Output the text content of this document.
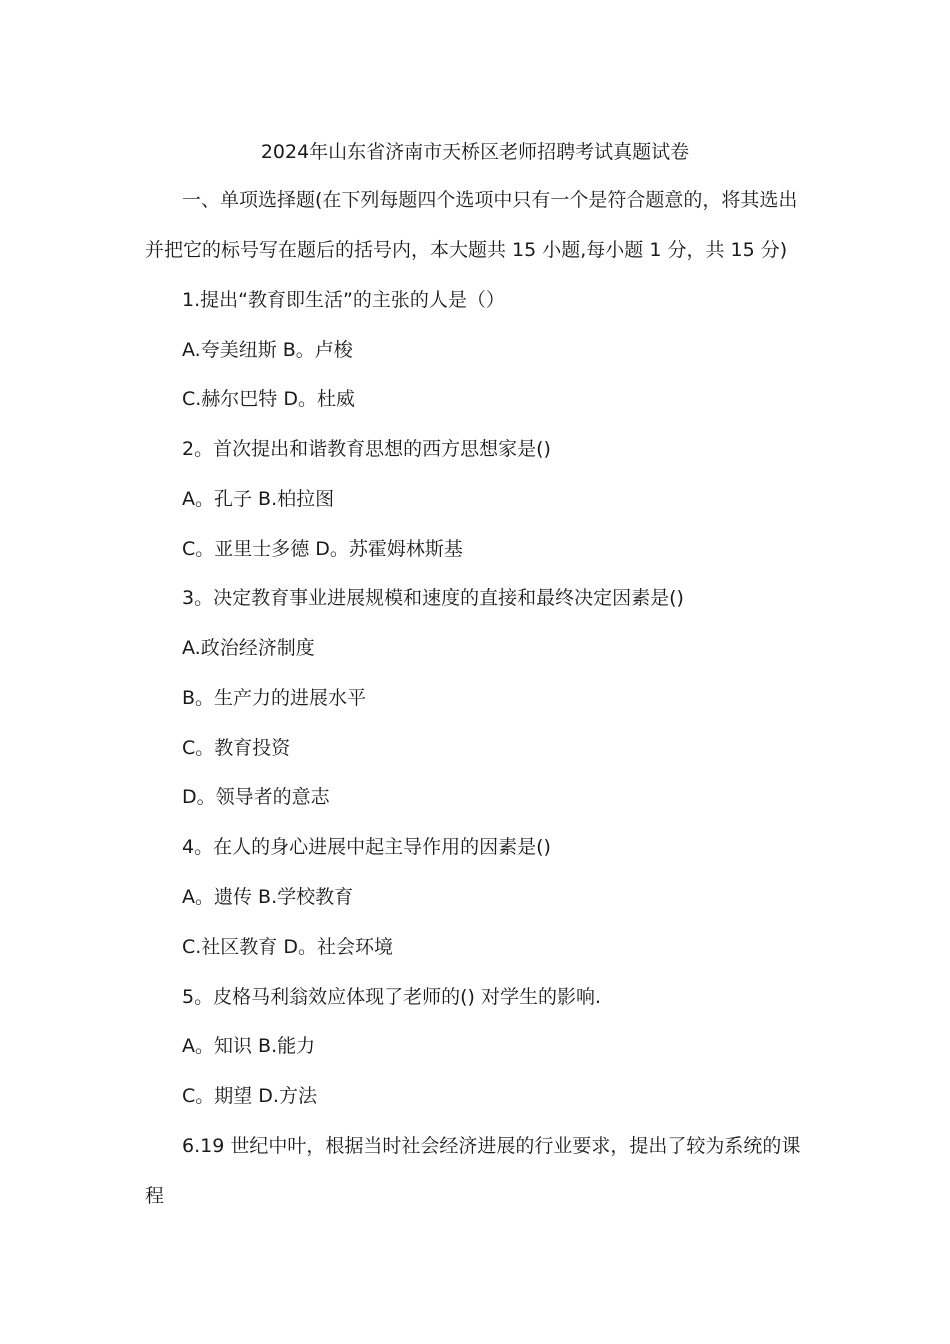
2024年山东省济南市天桥区老师招聘考试真题试卷
一、单项选择题(在下列每题四个选项中只有一个是符合题意的，将其选出
并把它的标号写在题后的括号内，本大题共 15 小题,每小题 1 分，共 15 分)
1.提出“教育即生活”的主张的人是（）
A.夸美纽斯 B。卢梭
C.赫尔巴特 D。杜威
2。首次提出和谐教育思想的西方思想家是()
A。孔子 B.柏拉图
C。亚里士多德 D。苏霍姆林斯基
3。决定教育事业进展规模和速度的直接和最终决定因素是()
A.政治经济制度
B。生产力的进展水平
C。教育投资
D。领导者的意志
4。在人的身心进展中起主导作用的因素是()
A。遗传 B.学校教育
C.社区教育 D。社会环境
5。皮格马利翁效应体现了老师的() 对学生的影响.
A。知识 B.能力
C。期望 D.方法
6.19 世纪中叶，根据当时社会经济进展的行业要求，提出了较为系统的课
程
